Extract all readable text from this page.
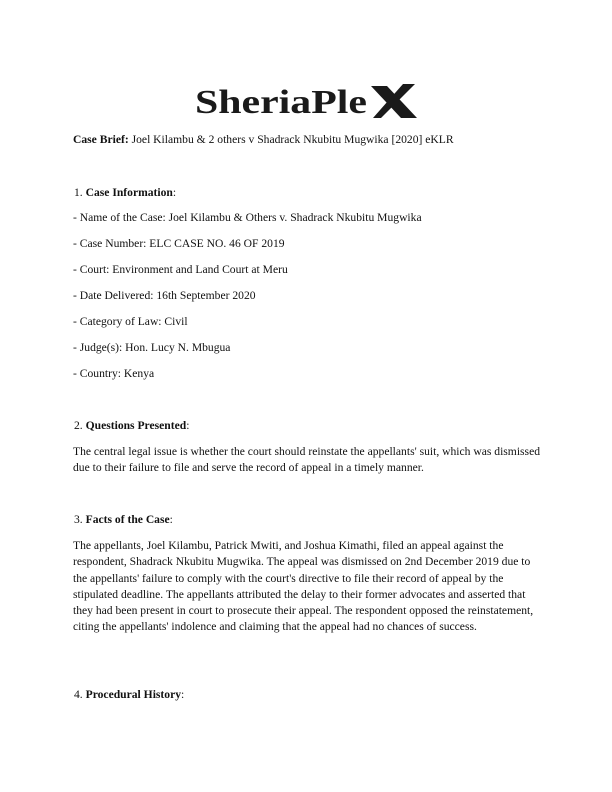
SheriaPle
Case Brief: Joel Kilambu & 2 others v Shadrack Nkubitu Mugwika [2020] eKLR
1. Case Information:
- Name of the Case: Joel Kilambu & Others v. Shadrack Nkubitu Mugwika
- Case Number: ELC CASE NO. 46 OF 2019
- Court: Environment and Land Court at Meru
- Date Delivered: 16th September 2020
- Category of Law: Civil
- Judge(s): Hon. Lucy N. Mbugua
- Country: Kenya
2. Questions Presented:
The central legal issue is whether the court should reinstate the appellants' suit, which was dismissed due to their failure to file and serve the record of appeal in a timely manner.
3. Facts of the Case:
The appellants, Joel Kilambu, Patrick Mwiti, and Joshua Kimathi, filed an appeal against the respondent, Shadrack Nkubitu Mugwika. The appeal was dismissed on 2nd December 2019 due to the appellants' failure to comply with the court's directive to file their record of appeal by the stipulated deadline. The appellants attributed the delay to their former advocates and asserted that they had been present in court to prosecute their appeal. The respondent opposed the reinstatement, citing the appellants' indolence and claiming that the appeal had no chances of success.
4. Procedural History:
